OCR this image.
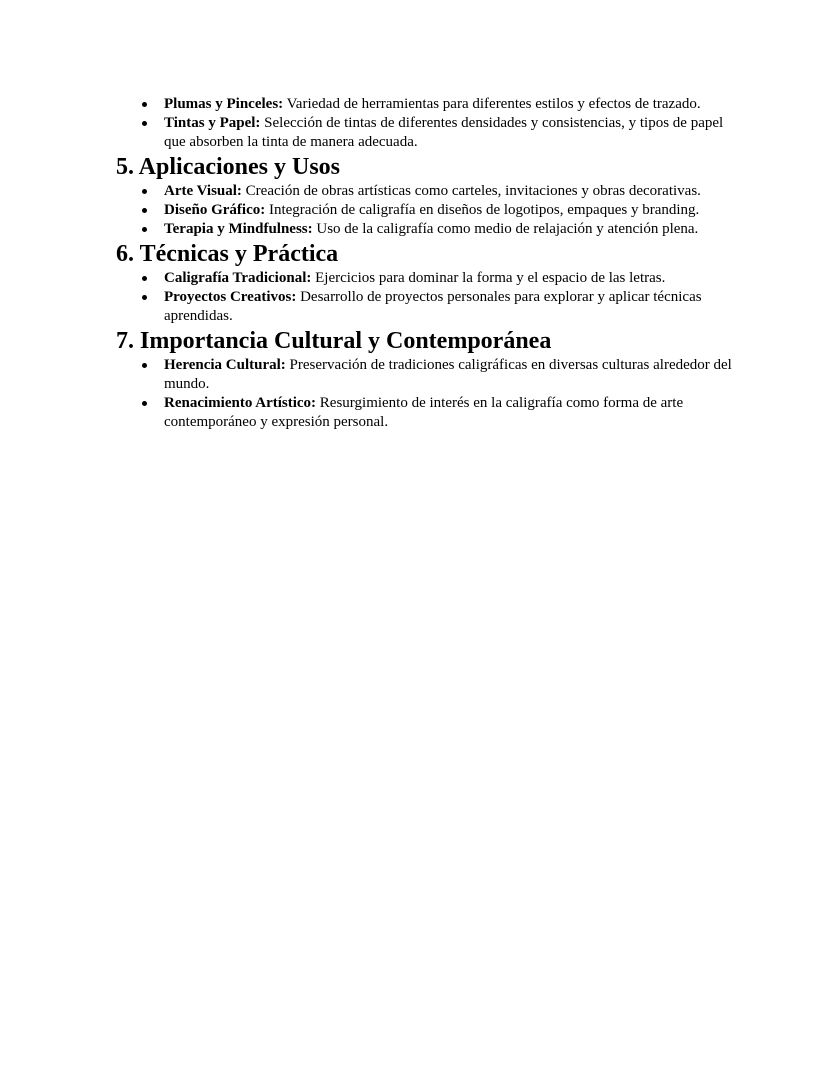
Plumas y Pinceles: Variedad de herramientas para diferentes estilos y efectos de trazado.
Tintas y Papel: Selección de tintas de diferentes densidades y consistencias, y tipos de papel que absorben la tinta de manera adecuada.
5. Aplicaciones y Usos
Arte Visual: Creación de obras artísticas como carteles, invitaciones y obras decorativas.
Diseño Gráfico: Integración de caligrafía en diseños de logotipos, empaques y branding.
Terapia y Mindfulness: Uso de la caligrafía como medio de relajación y atención plena.
6. Técnicas y Práctica
Caligrafía Tradicional: Ejercicios para dominar la forma y el espacio de las letras.
Proyectos Creativos: Desarrollo de proyectos personales para explorar y aplicar técnicas aprendidas.
7. Importancia Cultural y Contemporánea
Herencia Cultural: Preservación de tradiciones caligráficas en diversas culturas alrededor del mundo.
Renacimiento Artístico: Resurgimiento de interés en la caligrafía como forma de arte contemporáneo y expresión personal.
